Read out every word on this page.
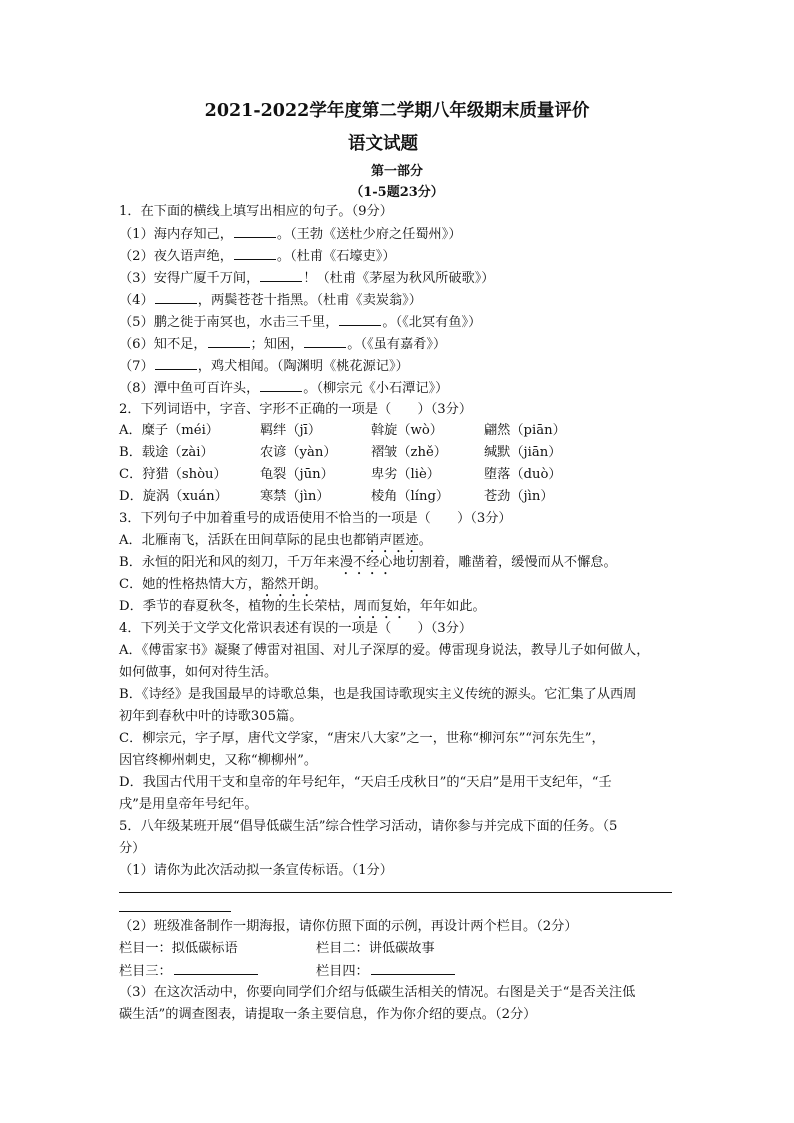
2021-2022学年度第二学期八年级期末质量评价
语文试题
第一部分
（1-5题23分）
1．在下面的横线上填写出相应的句子。（9分）
（1）海内存知己，	。（王勃《送杜少府之任蜀州》）
（2）夜久语声绝，	。（杜甫《石壕吏》）
（3）安得广厦千万间，	！（杜甫《茅屋为秋风所破歌》）
（4）	，两鬓苍苍十指黑。（杜甫《卖炭翁》）
（5）鹏之徙于南冥也，水击三千里，	。（《北冥有鱼》）
（6）知不足，	；知困，	。（《虽有嘉肴》）
（7）	，鸡犬相闻。（陶渊明《桃花源记》）
（8）潭中鱼可百许头，	。（柳宗元《小石潭记》）
2．下列词语中，字音、字形不正确的一项是（　　）（3分）
A．糜子（méi）	羁绊（jī）	斡旋（wò）	翩然（piān）
B．载途（zài）	农谚（yàn）	褶皱（zhě）	缄默（jiān）
C．狩猎（shòu）	龟裂（jūn）	卑劣（liè）	堕落（duò）
D．旋涡（xuán） 寒禁（jìn）	棱角（líng）	苍劲（jìn）
3．下列句子中加着重号的成语使用不恰当的一项是（　　）（3分）
A．北雁南飞，活跃在田间草际的昆虫也都销声匿迹。
B．永恒的阳光和风的刻刀，千万年来漫不经心地切割着，雕凿着，缓慢而从不懈怠。
C．她的性格热情大方，豁然开朗。
D．季节的春夏秋冬，植物的生长荣枯，周而复始，年年如此。
4．下列关于文学文化常识表述有误的一项是（　　）（3分）
A．《傅雷家书》凝聚了傅雷对祖国、对儿子深厚的爱。傅雷现身说法，教导儿子如何做人，
如何做事，如何对待生活。
B．《诗经》是我国最早的诗歌总集，也是我国诗歌现实主义传统的源头。它汇集了从西周
初年到春秋中叶的诗歌305篇。
C．柳宗元，字子厚，唐代文学家，“唐宋八大家”之一，世称“柳河东”“河东先生”，
因官终柳州刺史，又称“柳柳州”。
D．我国古代用干支和皇帝的年号纪年，“天启壬戌秋日”的“天启”是用干支纪年，“壬
戌”是用皇帝年号纪年。
5．八年级某班开展“倡导低碳生活”综合性学习活动，请你参与并完成下面的任务。（5
分）
（1）请你为此次活动拟一条宣传标语。（1分）
（2）班级准备制作一期海报，请你仿照下面的示例，再设计两个栏目。（2分）
栏目一：拟低碳标语	栏目二：讲低碳故事
栏目三：	栏目四：
（3）在这次活动中，你要向同学们介绍与低碳生活相关的情况。右图是关于“是否关注低
碳生活”的调查图表，请提取一条主要信息，作为你介绍的要点。（2分）
